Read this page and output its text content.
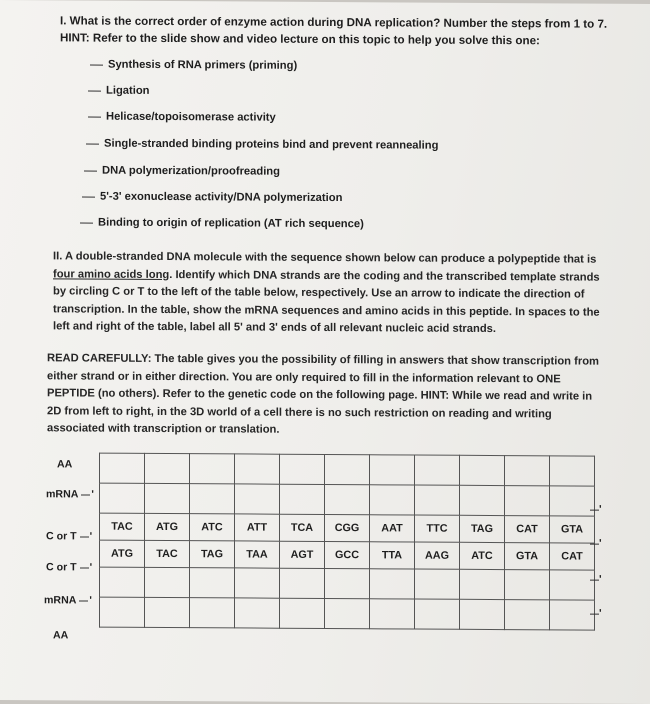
I. What is the correct order of enzyme action during DNA replication? Number the steps from 1 to 7.
HINT: Refer to the slide show and video lecture on this topic to help you solve this one:
Synthesis of RNA primers (priming)
Ligation
Helicase/topoisomerase activity
Single-stranded binding proteins bind and prevent reannealing
DNA polymerization/proofreading
5'-3' exonuclease activity/DNA polymerization
Binding to origin of replication (AT rich sequence)
II. A double-stranded DNA molecule with the sequence shown below can produce a polypeptide that is four amino acids long. Identify which DNA strands are the coding and the transcribed template strands by circling C or T to the left of the table below, respectively. Use an arrow to indicate the direction of transcription. In the table, show the mRNA sequences and amino acids in this peptide. In spaces to the left and right of the table, label all 5' and 3' ends of all relevant nucleic acid strands.
READ CAREFULLY: The table gives you the possibility of filling in answers that show transcription from either strand or in either direction. You are only required to fill in the information relevant to ONE PEPTIDE (no others). Refer to the genetic code on the following page. HINT: While we read and write in 2D from left to right, in the 3D world of a cell there is no such restriction on reading and writing associated with transcription or translation.
AA
mRNA '
C or T '
C or T '
mRNA '
AA

TAC	ATG	ATC	ATT	TCA	CGG	AAT	TTC	TAG	CAT	GTA
ATG	TAC	TAG	TAA	AGT	GCC	TTA	AAG	ATC	GTA	CAT

'
'
'
'
